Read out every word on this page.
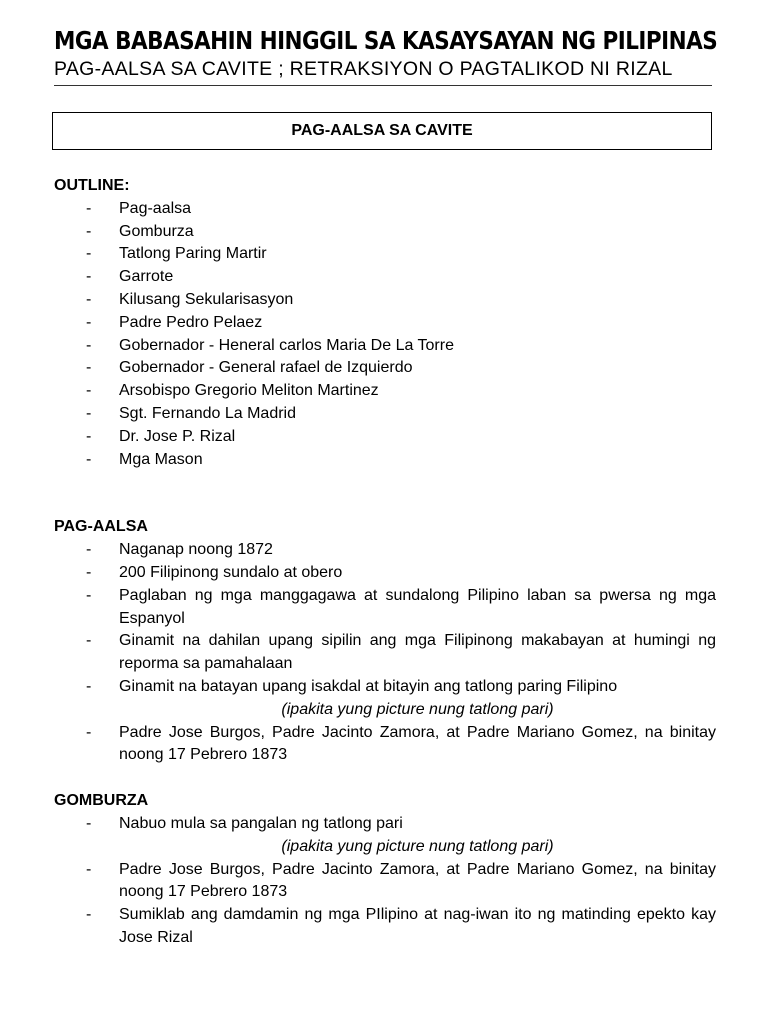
MGA BABASAHIN HINGGIL SA KASAYSAYAN NG PILIPINAS
PAG-AALSA SA CAVITE ; RETRAKSIYON O PAGTALIKOD NI RIZAL
PAG-AALSA SA CAVITE

OUTLINE:

- Pag-aalsa
- Gomburza
- Tatlong Paring Martir
- Garrote
- Kilusang Sekularisasyon
- Padre Pedro Pelaez
- Gobernador - Heneral carlos Maria De La Torre
- Gobernador - General rafael de Izquierdo
- Arsobispo Gregorio Meliton Martinez
- Sgt. Fernando La Madrid
- Dr. Jose P. Rizal
- Mga Mason

PAG-AALSA

- Naganap noong 1872
- 200 Filipinong sundalo at obero
- Paglaban ng mga manggagawa at sundalong Pilipino laban sa pwersa ng mga Espanyol
- Ginamit na dahilan upang sipilin ang mga Filipinong makabayan at humingi ng reporma sa pamahalaan
- Ginamit na batayan upang isakdal at bitayin ang tatlong paring Filipino
(ipakita yung picture nung tatlong pari)
- Padre Jose Burgos, Padre Jacinto Zamora, at Padre Mariano Gomez, na binitay noong 17 Pebrero 1873

GOMBURZA

- Nabuo mula sa pangalan ng tatlong pari
(ipakita yung picture nung tatlong pari)
- Padre Jose Burgos, Padre Jacinto Zamora, at Padre Mariano Gomez, na binitay noong 17 Pebrero 1873
- Sumiklab ang damdamin ng mga PIlipino at nag-iwan ito ng matinding epekto kay Jose Rizal
